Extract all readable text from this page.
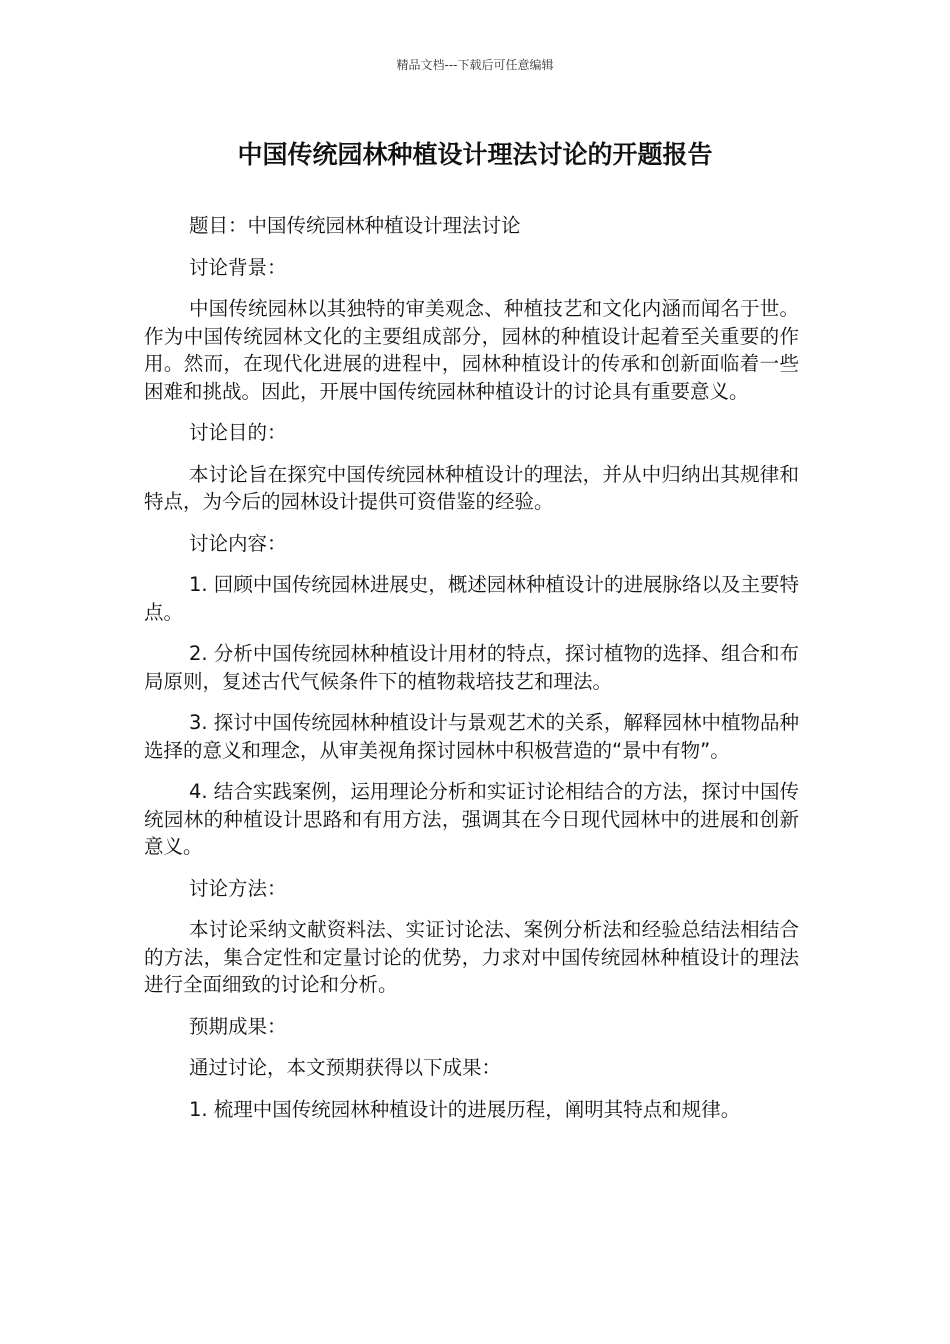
精品文档---下载后可任意编辑
中国传统园林种植设计理法讨论的开题报告

题目：中国传统园林种植设计理法讨论

讨论背景：

中国传统园林以其独特的审美观念、种植技艺和文化内涵而闻名于世。作为中国传统园林文化的主要组成部分，园林的种植设计起着至关重要的作用。然而，在现代化进展的进程中，园林种植设计的传承和创新面临着一些困难和挑战。因此，开展中国传统园林种植设计的讨论具有重要意义。

讨论目的：

本讨论旨在探究中国传统园林种植设计的理法，并从中归纳出其规律和特点，为今后的园林设计提供可资借鉴的经验。

讨论内容：

1. 回顾中国传统园林进展史，概述园林种植设计的进展脉络以及主要特点。

2. 分析中国传统园林种植设计用材的特点，探讨植物的选择、组合和布局原则，复述古代气候条件下的植物栽培技艺和理法。

3. 探讨中国传统园林种植设计与景观艺术的关系，解释园林中植物品种选择的意义和理念，从审美视角探讨园林中积极营造的“景中有物”。

4. 结合实践案例，运用理论分析和实证讨论相结合的方法，探讨中国传统园林的种植设计思路和有用方法，强调其在今日现代园林中的进展和创新意义。

讨论方法：

本讨论采纳文献资料法、实证讨论法、案例分析法和经验总结法相结合的方法，集合定性和定量讨论的优势，力求对中国传统园林种植设计的理法进行全面细致的讨论和分析。

预期成果：

通过讨论，本文预期获得以下成果：

1. 梳理中国传统园林种植设计的进展历程，阐明其特点和规律。
